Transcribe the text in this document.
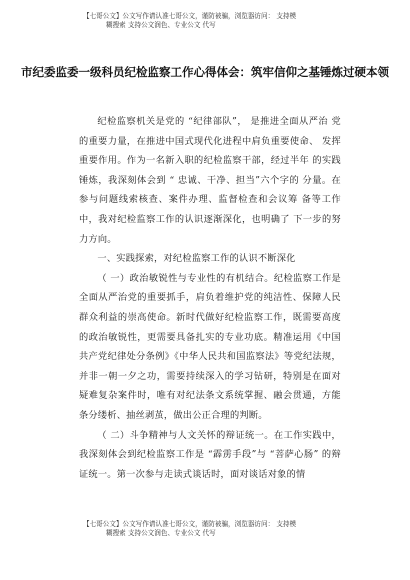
【七哥公文】公文写作请认准七哥公文，谨防被骗，浏览器访问： 支持模
糊搜索 支持公文润色、专业公文 代写
市纪委监委一级科员纪检监察工作心得体会：筑牢信仰之基锤炼过硬本领

纪检监察机关是党的 “纪律部队”， 是推进全面从严治 党的重要力量，在推进中国式现代化进程中肩负重要使命、 发挥重要作用。作为一名新入职的纪检监察干部，经过半年 的实践锤炼，我深刻体会到 “ 忠诚、干净、担当”六个字的 分量。在参与问题线索核查、案件办理、监督检查和会议筹 备等工作中，我对纪检监察工作的认识逐渐深化，也明确了 下一步的努力方向。

一、实践探索，对纪检监察工作的认识不断深化

（ 一）政治敏锐性与专业性的有机结合。纪检监察工作是全面从严治党的重要抓手，肩负着维护党的纯洁性、保障人民群众利益的崇高使命。新时代做好纪检监察工作，既需要高度的政治敏锐性，更需要具备扎实的专业功底。精准运用《中国共产党纪律处分条例》《中华人民共和国监察法》等党纪法规，并非一朝一夕之功，需要持续深入的学习钻研，特别是在面对疑难复杂案件时，唯有对纪法条文系统掌握、融会贯通，方能条分缕析、抽丝剥茧，做出公正合理的判断。

（ 二）斗争精神与人文关怀的辩证统一。在工作实践中， 我深刻体会到纪检监察工作是 “霹雳手段”与 “菩萨心肠” 的辩证统一。第一次参与走读式谈话时，面对谈话对象的情

【七哥公文】公文写作请认准七哥公文，谨防被骗，浏览器访问： 支持模
糊搜索 支持公文润色、专业公文 代写
